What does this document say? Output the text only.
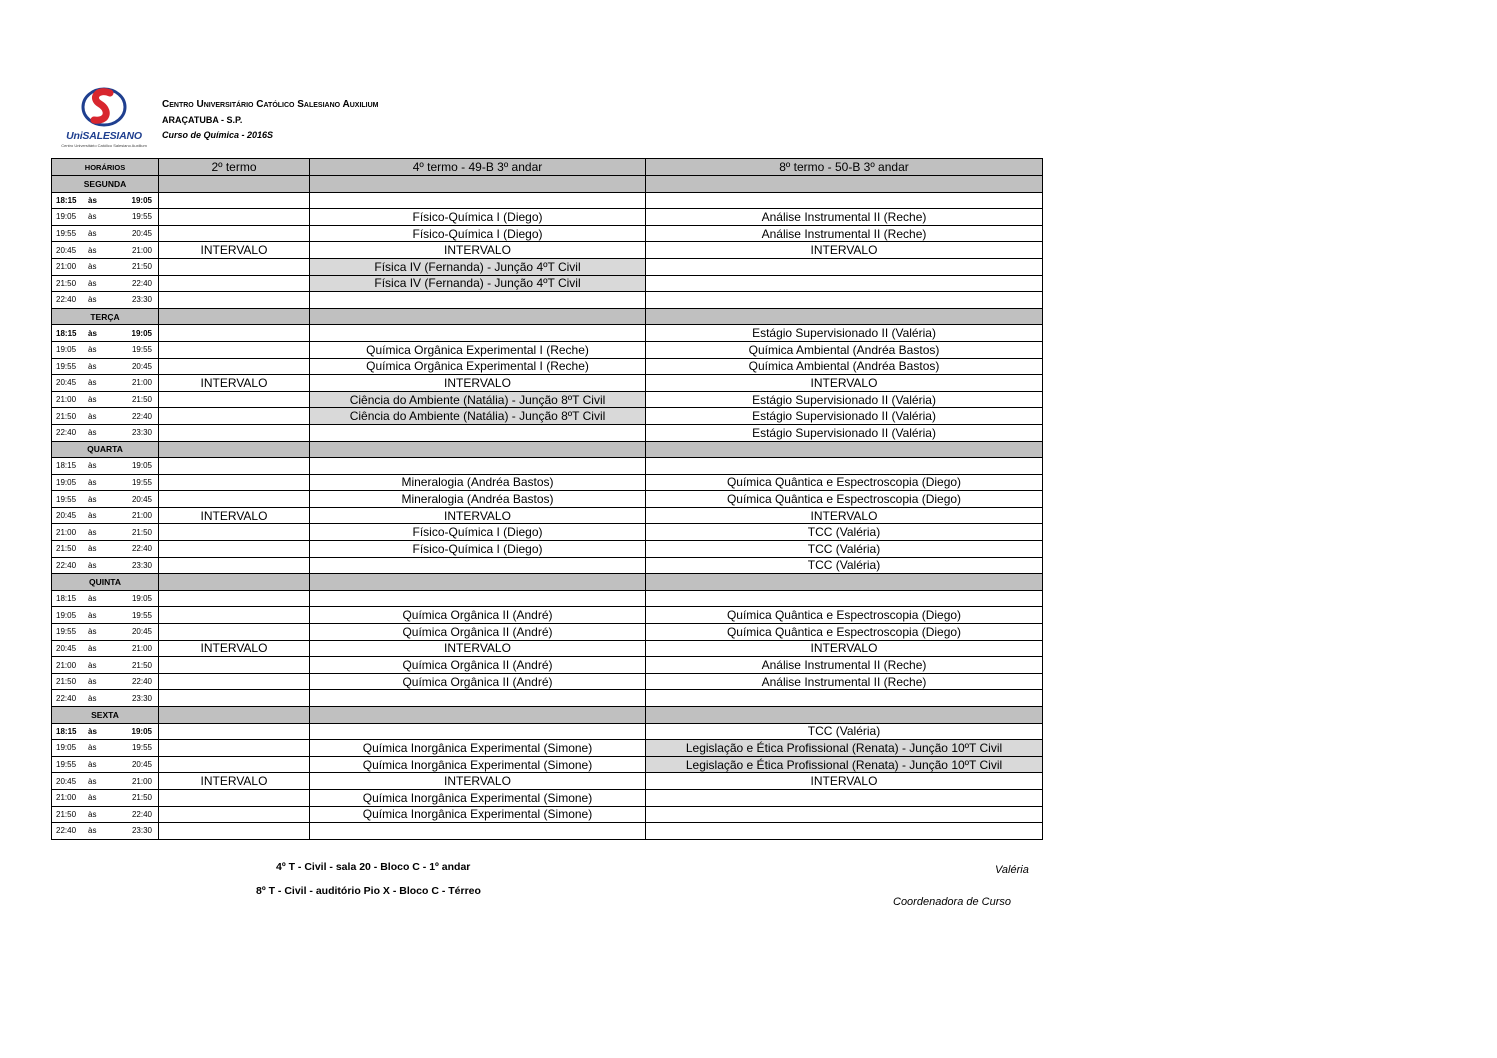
UniSALESIANO
Centro Universitário Católico Salesiano Auxilium
Centro Universitário Católico Salesiano Auxilium
ARAÇATUBA - S.P.
Curso de Química - 2016S
HORÁRIOS	2º termo	4º termo - 49-B 3º andar	8º termo - 50-B 3º andar
SEGUNDA			
18:15 às 19:05			
19:05 às 19:55		Físico-Química I (Diego)	Análise Instrumental II (Reche)
19:55 às 20:45		Físico-Química I (Diego)	Análise Instrumental II (Reche)
20:45 às 21:00	INTERVALO	INTERVALO	INTERVALO
21:00 às 21:50		Física IV (Fernanda) - Junção 4ºT Civil	
21:50 às 22:40		Física IV (Fernanda) - Junção 4ºT Civil	
22:40 às 23:30			
TERÇA			
18:15 às 19:05			Estágio Supervisionado II (Valéria)
19:05 às 19:55		Química Orgânica Experimental I (Reche)	Química Ambiental (Andréa Bastos)
19:55 às 20:45		Química Orgânica Experimental I (Reche)	Química Ambiental (Andréa Bastos)
20:45 às 21:00	INTERVALO	INTERVALO	INTERVALO
21:00 às 21:50		Ciência do Ambiente (Natália) - Junção 8ºT Civil	Estágio Supervisionado II (Valéria)
21:50 às 22:40		Ciência do Ambiente (Natália) - Junção 8ºT Civil	Estágio Supervisionado II (Valéria)
22:40 às 23:30			Estágio Supervisionado II (Valéria)
QUARTA			
18:15 às 19:05			
19:05 às 19:55		Mineralogia (Andréa Bastos)	Química Quântica e Espectroscopia (Diego)
19:55 às 20:45		Mineralogia (Andréa Bastos)	Química Quântica e Espectroscopia (Diego)
20:45 às 21:00	INTERVALO	INTERVALO	INTERVALO
21:00 às 21:50		Físico-Química I (Diego)	TCC (Valéria)
21:50 às 22:40		Físico-Química I (Diego)	TCC (Valéria)
22:40 às 23:30			TCC (Valéria)
QUINTA			
18:15 às 19:05			
19:05 às 19:55		Química Orgânica II (André)	Química Quântica e Espectroscopia (Diego)
19:55 às 20:45		Química Orgânica II (André)	Química Quântica e Espectroscopia (Diego)
20:45 às 21:00	INTERVALO	INTERVALO	INTERVALO
21:00 às 21:50		Química Orgânica II (André)	Análise Instrumental II (Reche)
21:50 às 22:40		Química Orgânica II (André)	Análise Instrumental II (Reche)
22:40 às 23:30			
SEXTA			
18:15 às 19:05			TCC (Valéria)
19:05 às 19:55		Química Inorgânica Experimental (Simone)	Legislação e Ética Profissional (Renata) - Junção 10ºT Civil
19:55 às 20:45		Química Inorgânica Experimental (Simone)	Legislação e Ética Profissional (Renata) - Junção 10ºT Civil
20:45 às 21:00	INTERVALO	INTERVALO	INTERVALO
21:00 às 21:50		Química Inorgânica Experimental (Simone)	
21:50 às 22:40		Química Inorgânica Experimental (Simone)	
22:40 às 23:30			
4º T - Civil - sala 20 - Bloco C - 1º andar
8º T - Civil - auditório Pio X - Bloco C - Térreo
Valéria
Coordenadora de Curso
